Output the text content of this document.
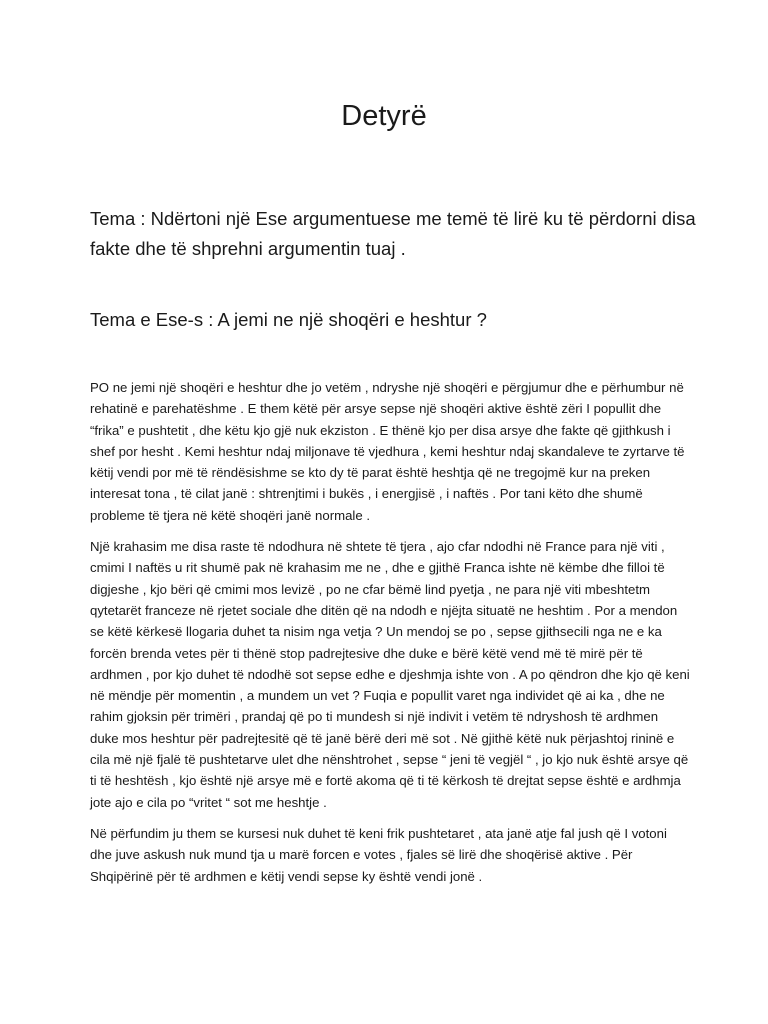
Detyrë

Tema : Ndërtoni një Ese argumentuese me temë të lirë ku të përdorni disa fakte dhe të shprehni argumentin tuaj .

Tema e Ese-s : A jemi ne një shoqëri e heshtur ?

PO ne jemi një shoqëri e heshtur dhe jo vetëm , ndryshe një shoqëri e përgjumur dhe e përhumbur në rehatinë e parehatëshme . E them këtë për arsye sepse një shoqëri aktive është zëri I popullit dhe “frika” e pushtetit , dhe këtu kjo gjë nuk ekziston . E thënë kjo per disa arsye dhe fakte që gjithkush i shef por hesht . Kemi heshtur ndaj miljonave të vjedhura , kemi heshtur ndaj skandaleve te zyrtarve të këtij vendi por më të rëndësishme se kto dy të parat është heshtja që ne tregojmë kur na preken interesat tona , të cilat janë : shtrenjtimi i bukës , i energjisë , i naftës . Por tani këto dhe shumë probleme të tjera në këtë shoqëri janë normale .

Një krahasim me disa raste të ndodhura në shtete të tjera , ajo cfar ndodhi në France para një viti , cmimi I naftës u rit shumë pak në krahasim me ne , dhe e gjithë Franca ishte në këmbe dhe filloi të digjeshe , kjo bëri që cmimi mos levizë , po ne cfar bëmë lind pyetja , ne para një viti mbeshtetm qytetarët franceze në rjetet sociale dhe ditën që na ndodh e njëjta situatë ne heshtim . Por a mendon se këtë kërkesë llogaria duhet ta nisim nga vetja ? Un mendoj se po , sepse gjithsecili nga ne e ka forcën brenda vetes për ti thënë stop padrejtesive dhe duke e bërë këtë vend më të mirë për të ardhmen , por kjo duhet të ndodhë sot sepse edhe e djeshmja ishte von . A po qëndron dhe kjo që keni në mëndje për momentin , a mundem un vet ? Fuqia e popullit varet nga individet që ai ka , dhe ne rahim gjoksin për trimëri , prandaj që po ti mundesh si një indivit i vetëm të ndryshosh të ardhmen duke mos heshtur për padrejtesitë që të janë bërë deri më sot . Në gjithë këtë nuk përjashtoj rininë e cila më një fjalë të pushtetarve ulet dhe nënshtrohet , sepse “ jeni të vegjël “ , jo kjo nuk është arsye që ti të heshtësh , kjo është një arsye më e fortë akoma që ti të kërkosh të drejtat sepse është e ardhmja jote ajo e cila po “vritet “ sot me heshtje .

Në përfundim ju them se kursesi nuk duhet të keni frik pushtetaret , ata janë atje fal jush që I votoni dhe juve askush nuk mund tja u marë forcen e votes , fjales së lirë dhe shoqërisë aktive . Për Shqipërinë për të ardhmen e këtij vendi sepse ky është vendi jonë .
